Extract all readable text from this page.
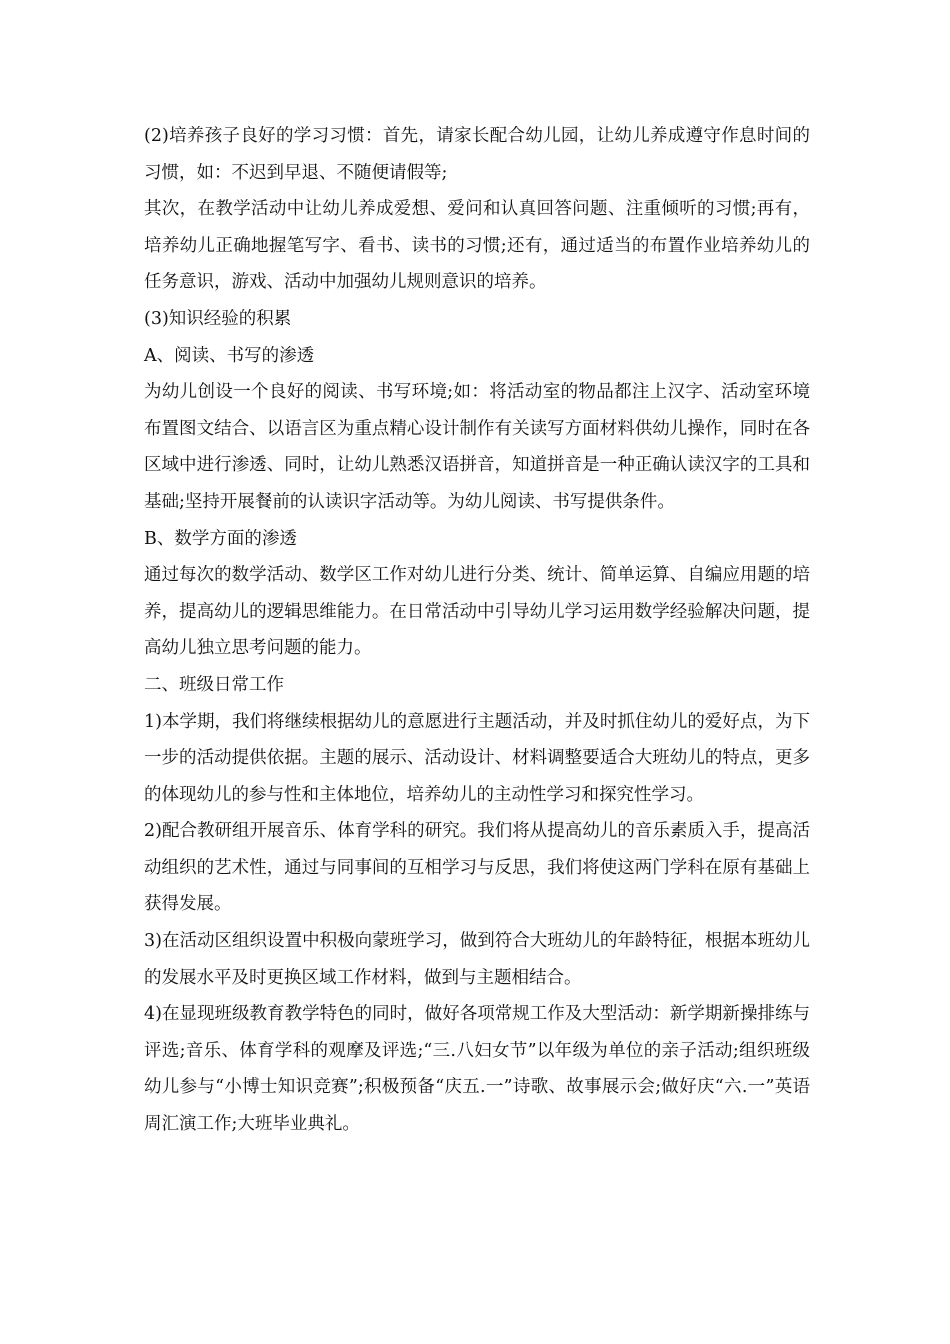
(2)培养孩子良好的学习习惯：首先，请家长配合幼儿园，让幼儿养成遵守作息时间的习惯，如：不迟到早退、不随便请假等;

其次，在教学活动中让幼儿养成爱想、爱问和认真回答问题、注重倾听的习惯;再有，培养幼儿正确地握笔写字、看书、读书的习惯;还有，通过适当的布置作业培养幼儿的任务意识，游戏、活动中加强幼儿规则意识的培养。

(3)知识经验的积累

A、阅读、书写的渗透

为幼儿创设一个良好的阅读、书写环境;如：将活动室的物品都注上汉字、活动室环境布置图文结合、以语言区为重点精心设计制作有关读写方面材料供幼儿操作，同时在各区域中进行渗透、同时，让幼儿熟悉汉语拼音，知道拼音是一种正确认读汉字的工具和基础;坚持开展餐前的认读识字活动等。为幼儿阅读、书写提供条件。

B、数学方面的渗透

通过每次的数学活动、数学区工作对幼儿进行分类、统计、简单运算、自编应用题的培养，提高幼儿的逻辑思维能力。在日常活动中引导幼儿学习运用数学经验解决问题，提高幼儿独立思考问题的能力。

二、班级日常工作

1)本学期，我们将继续根据幼儿的意愿进行主题活动，并及时抓住幼儿的爱好点，为下一步的活动提供依据。主题的展示、活动设计、材料调整要适合大班幼儿的特点，更多的体现幼儿的参与性和主体地位，培养幼儿的主动性学习和探究性学习。

2)配合教研组开展音乐、体育学科的研究。我们将从提高幼儿的音乐素质入手，提高活动组织的艺术性，通过与同事间的互相学习与反思，我们将使这两门学科在原有基础上获得发展。

3)在活动区组织设置中积极向蒙班学习，做到符合大班幼儿的年龄特征，根据本班幼儿的发展水平及时更换区域工作材料，做到与主题相结合。

4)在显现班级教育教学特色的同时，做好各项常规工作及大型活动：新学期新操排练与评选;音乐、体育学科的观摩及评选;“三.八妇女节”以年级为单位的亲子活动;组织班级幼儿参与“小博士知识竞赛”;积极预备“庆五.一”诗歌、故事展示会;做好庆“六.一”英语周汇演工作;大班毕业典礼。
